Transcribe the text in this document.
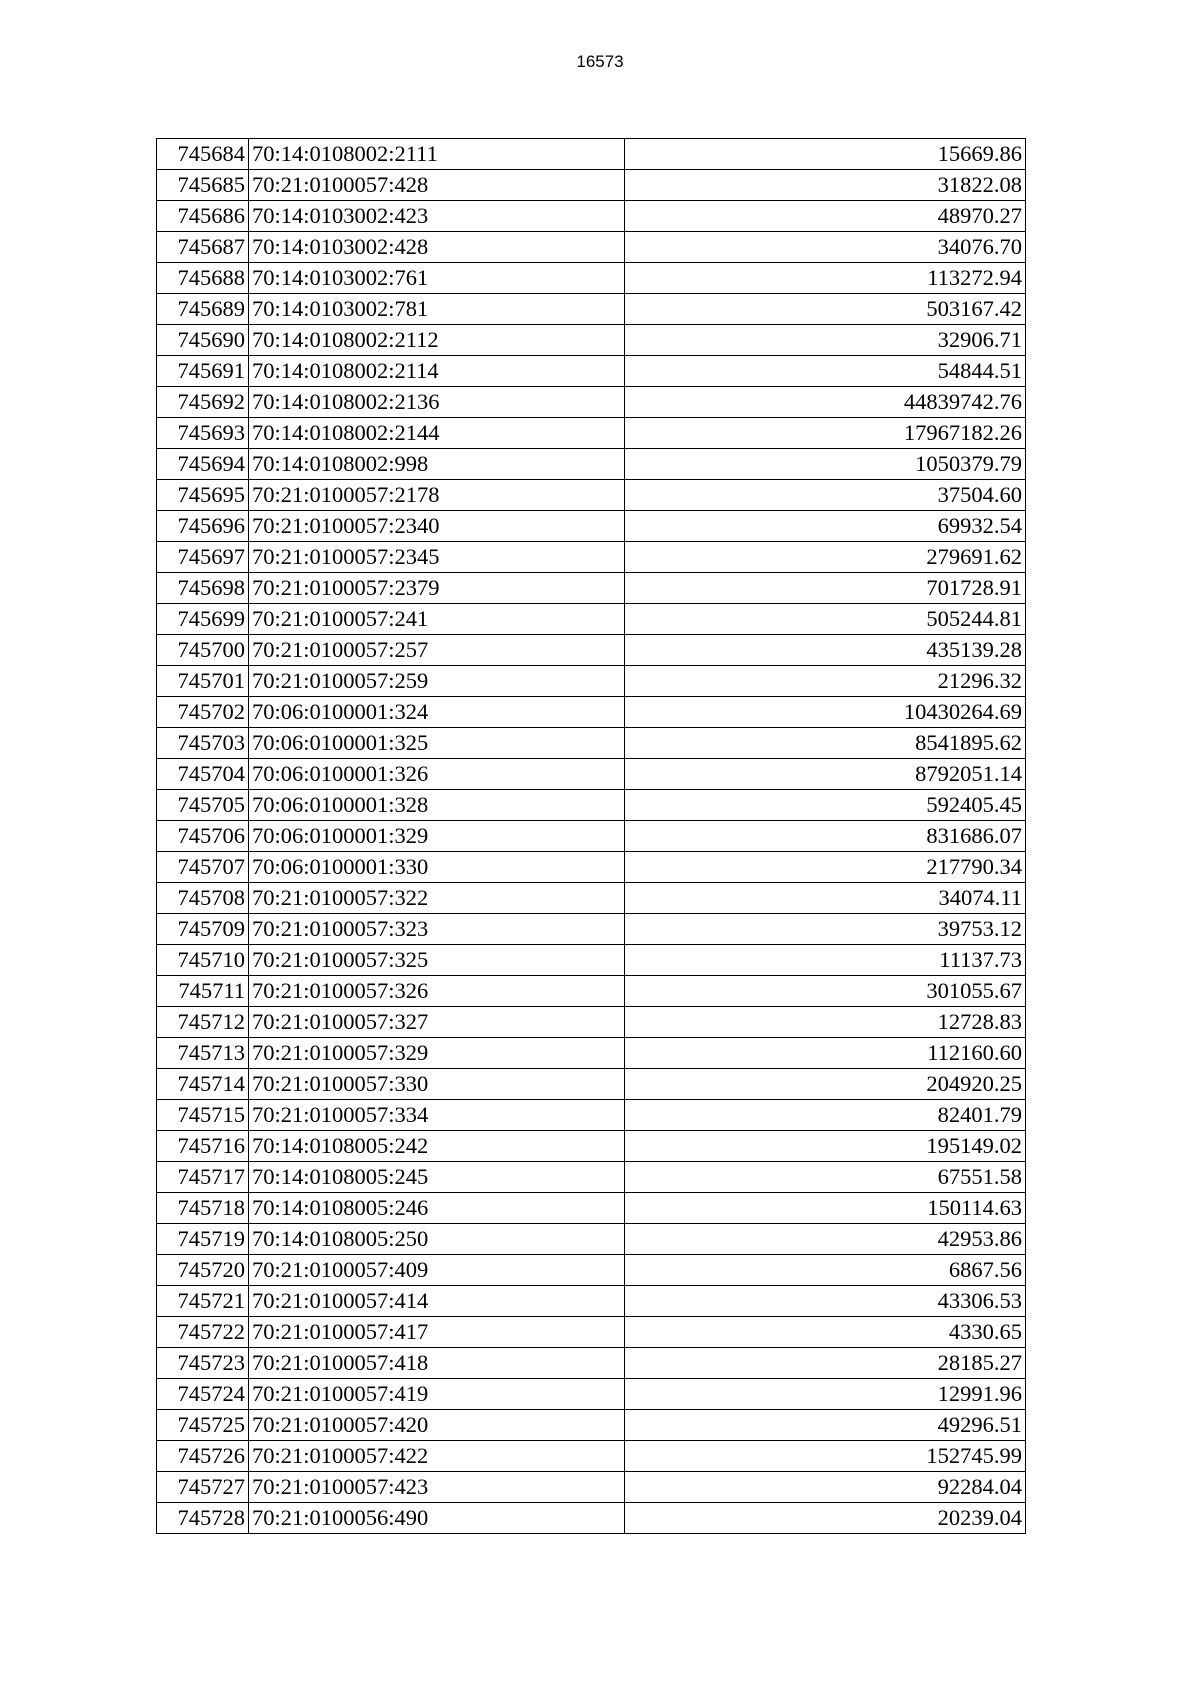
16573
745684	70:14:0108002:2111	15669.86
745685	70:21:0100057:428	31822.08
745686	70:14:0103002:423	48970.27
745687	70:14:0103002:428	34076.70
745688	70:14:0103002:761	113272.94
745689	70:14:0103002:781	503167.42
745690	70:14:0108002:2112	32906.71
745691	70:14:0108002:2114	54844.51
745692	70:14:0108002:2136	44839742.76
745693	70:14:0108002:2144	17967182.26
745694	70:14:0108002:998	1050379.79
745695	70:21:0100057:2178	37504.60
745696	70:21:0100057:2340	69932.54
745697	70:21:0100057:2345	279691.62
745698	70:21:0100057:2379	701728.91
745699	70:21:0100057:241	505244.81
745700	70:21:0100057:257	435139.28
745701	70:21:0100057:259	21296.32
745702	70:06:0100001:324	10430264.69
745703	70:06:0100001:325	8541895.62
745704	70:06:0100001:326	8792051.14
745705	70:06:0100001:328	592405.45
745706	70:06:0100001:329	831686.07
745707	70:06:0100001:330	217790.34
745708	70:21:0100057:322	34074.11
745709	70:21:0100057:323	39753.12
745710	70:21:0100057:325	11137.73
745711	70:21:0100057:326	301055.67
745712	70:21:0100057:327	12728.83
745713	70:21:0100057:329	112160.60
745714	70:21:0100057:330	204920.25
745715	70:21:0100057:334	82401.79
745716	70:14:0108005:242	195149.02
745717	70:14:0108005:245	67551.58
745718	70:14:0108005:246	150114.63
745719	70:14:0108005:250	42953.86
745720	70:21:0100057:409	6867.56
745721	70:21:0100057:414	43306.53
745722	70:21:0100057:417	4330.65
745723	70:21:0100057:418	28185.27
745724	70:21:0100057:419	12991.96
745725	70:21:0100057:420	49296.51
745726	70:21:0100057:422	152745.99
745727	70:21:0100057:423	92284.04
745728	70:21:0100056:490	20239.04
